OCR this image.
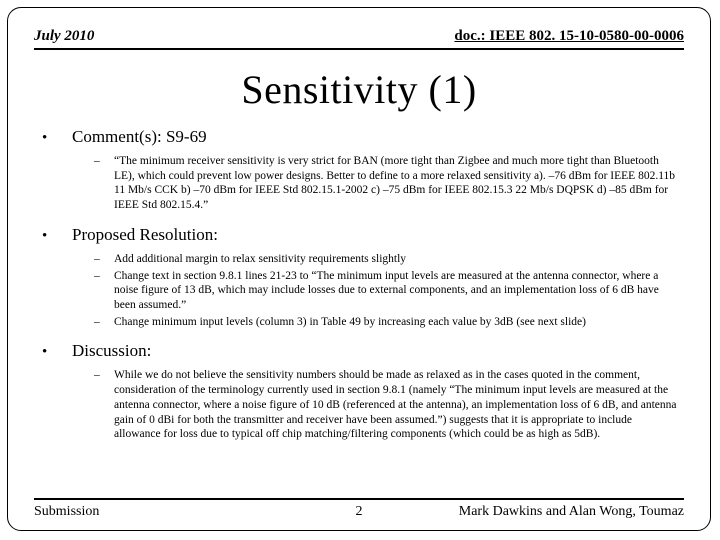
July 2010	doc.: IEEE 802. 15-10-0580-00-0006
Sensitivity (1)
•	Comment(s): S9-69
–	“The minimum receiver sensitivity is very strict for BAN (more tight than Zigbee and much more tight than Bluetooth LE), which could prevent low power designs. Better to define to a more relaxed sensitivity a). –76 dBm for IEEE 802.11b 11 Mb/s CCK b) –70 dBm for IEEE Std 802.15.1-2002 c) –75 dBm for IEEE 802.15.3 22 Mb/s DQPSK d) –85 dBm for IEEE Std 802.15.4.”
•	Proposed Resolution:
–	Add additional margin to relax sensitivity requirements slightly
–	Change text in section 9.8.1 lines 21-23 to “The minimum input levels are measured at the antenna connector, where a noise figure of 13 dB, which may include losses due to external components, and an implementation loss of 6 dB have been assumed.”
–	Change minimum input levels (column 3) in Table 49 by increasing each value by 3dB (see next slide)
•	Discussion:
–	While we do not believe the sensitivity numbers should be made as relaxed as in the cases quoted in the comment, consideration of the terminology currently used in section 9.8.1 (namely “The minimum input levels are measured at the antenna connector, where a noise figure of 10 dB (referenced at the antenna), an implementation loss of 6 dB, and antenna gain of 0 dBi for both the transmitter and receiver have been assumed.”) suggests that it is appropriate to include allowance for loss due to typical off chip matching/filtering components (which could be as high as 5dB).
Submission	2	Mark Dawkins and Alan Wong, Toumaz
